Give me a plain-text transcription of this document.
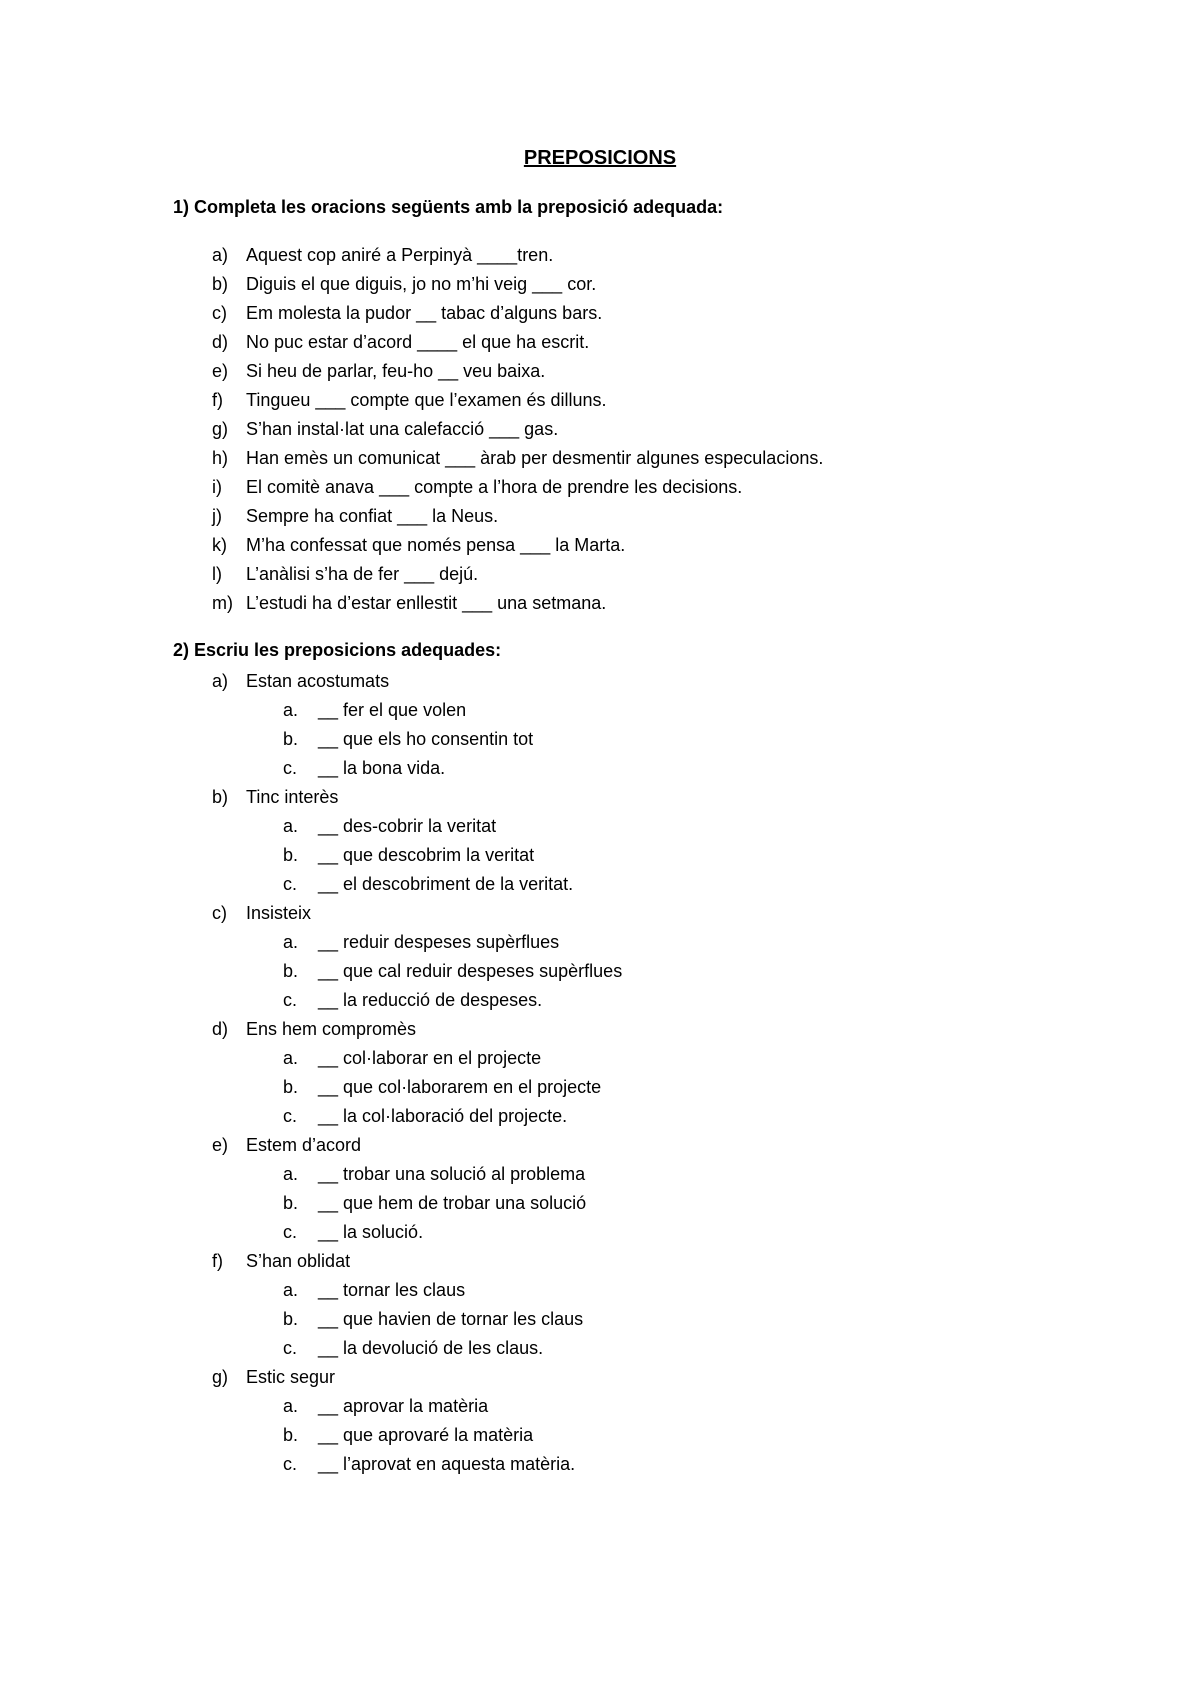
PREPOSICIONS
1) Completa les oracions següents amb la preposició adequada:
a) Aquest cop aniré a Perpinyà ____tren.
b) Diguis el que diguis, jo no m’hi veig ___ cor.
c) Em molesta la pudor __ tabac d’alguns bars.
d) No puc estar d’acord ____ el que ha escrit.
e) Si heu de parlar, feu-ho __ veu baixa.
f) Tingueu ___ compte que l’examen és dilluns.
g) S’han instal·lat una calefacció ___ gas.
h) Han emès un comunicat ___ àrab per desmentir algunes especulacions.
i) El comitè anava ___ compte a l’hora de prendre les decisions.
j) Sempre ha confiat ___ la Neus.
k) M’ha confessat que només pensa ___ la Marta.
l) L’anàlisi s’ha de fer ___ dejú.
m) L’estudi ha d’estar enllestit ___ una setmana.
2) Escriu les preposicions adequades:
a) Estan acostumats
a. __ fer el que volen
b. __ que els ho consentin tot
c. __ la bona vida.
b) Tinc interès
a. __ des-cobrir la veritat
b. __ que descobrim la veritat
c. __ el descobriment de la veritat.
c) Insisteix
a. __ reduir despeses supèrflues
b. __ que cal reduir despeses supèrflues
c. __ la reducció de despeses.
d) Ens hem compromès
a. __ col·laborar en el projecte
b. __ que col·laborarem en el projecte
c. __ la col·laboració del projecte.
e) Estem d’acord
a. __ trobar una solució al problema
b. __ que hem de trobar una solució
c. __ la solució.
f) S’han oblidat
a. __ tornar les claus
b. __ que havien de tornar les claus
c. __ la devolució de les claus.
g) Estic segur
a. __ aprovar la matèria
b. __ que aprovaré la matèria
c. __ l’aprovat en aquesta matèria.
